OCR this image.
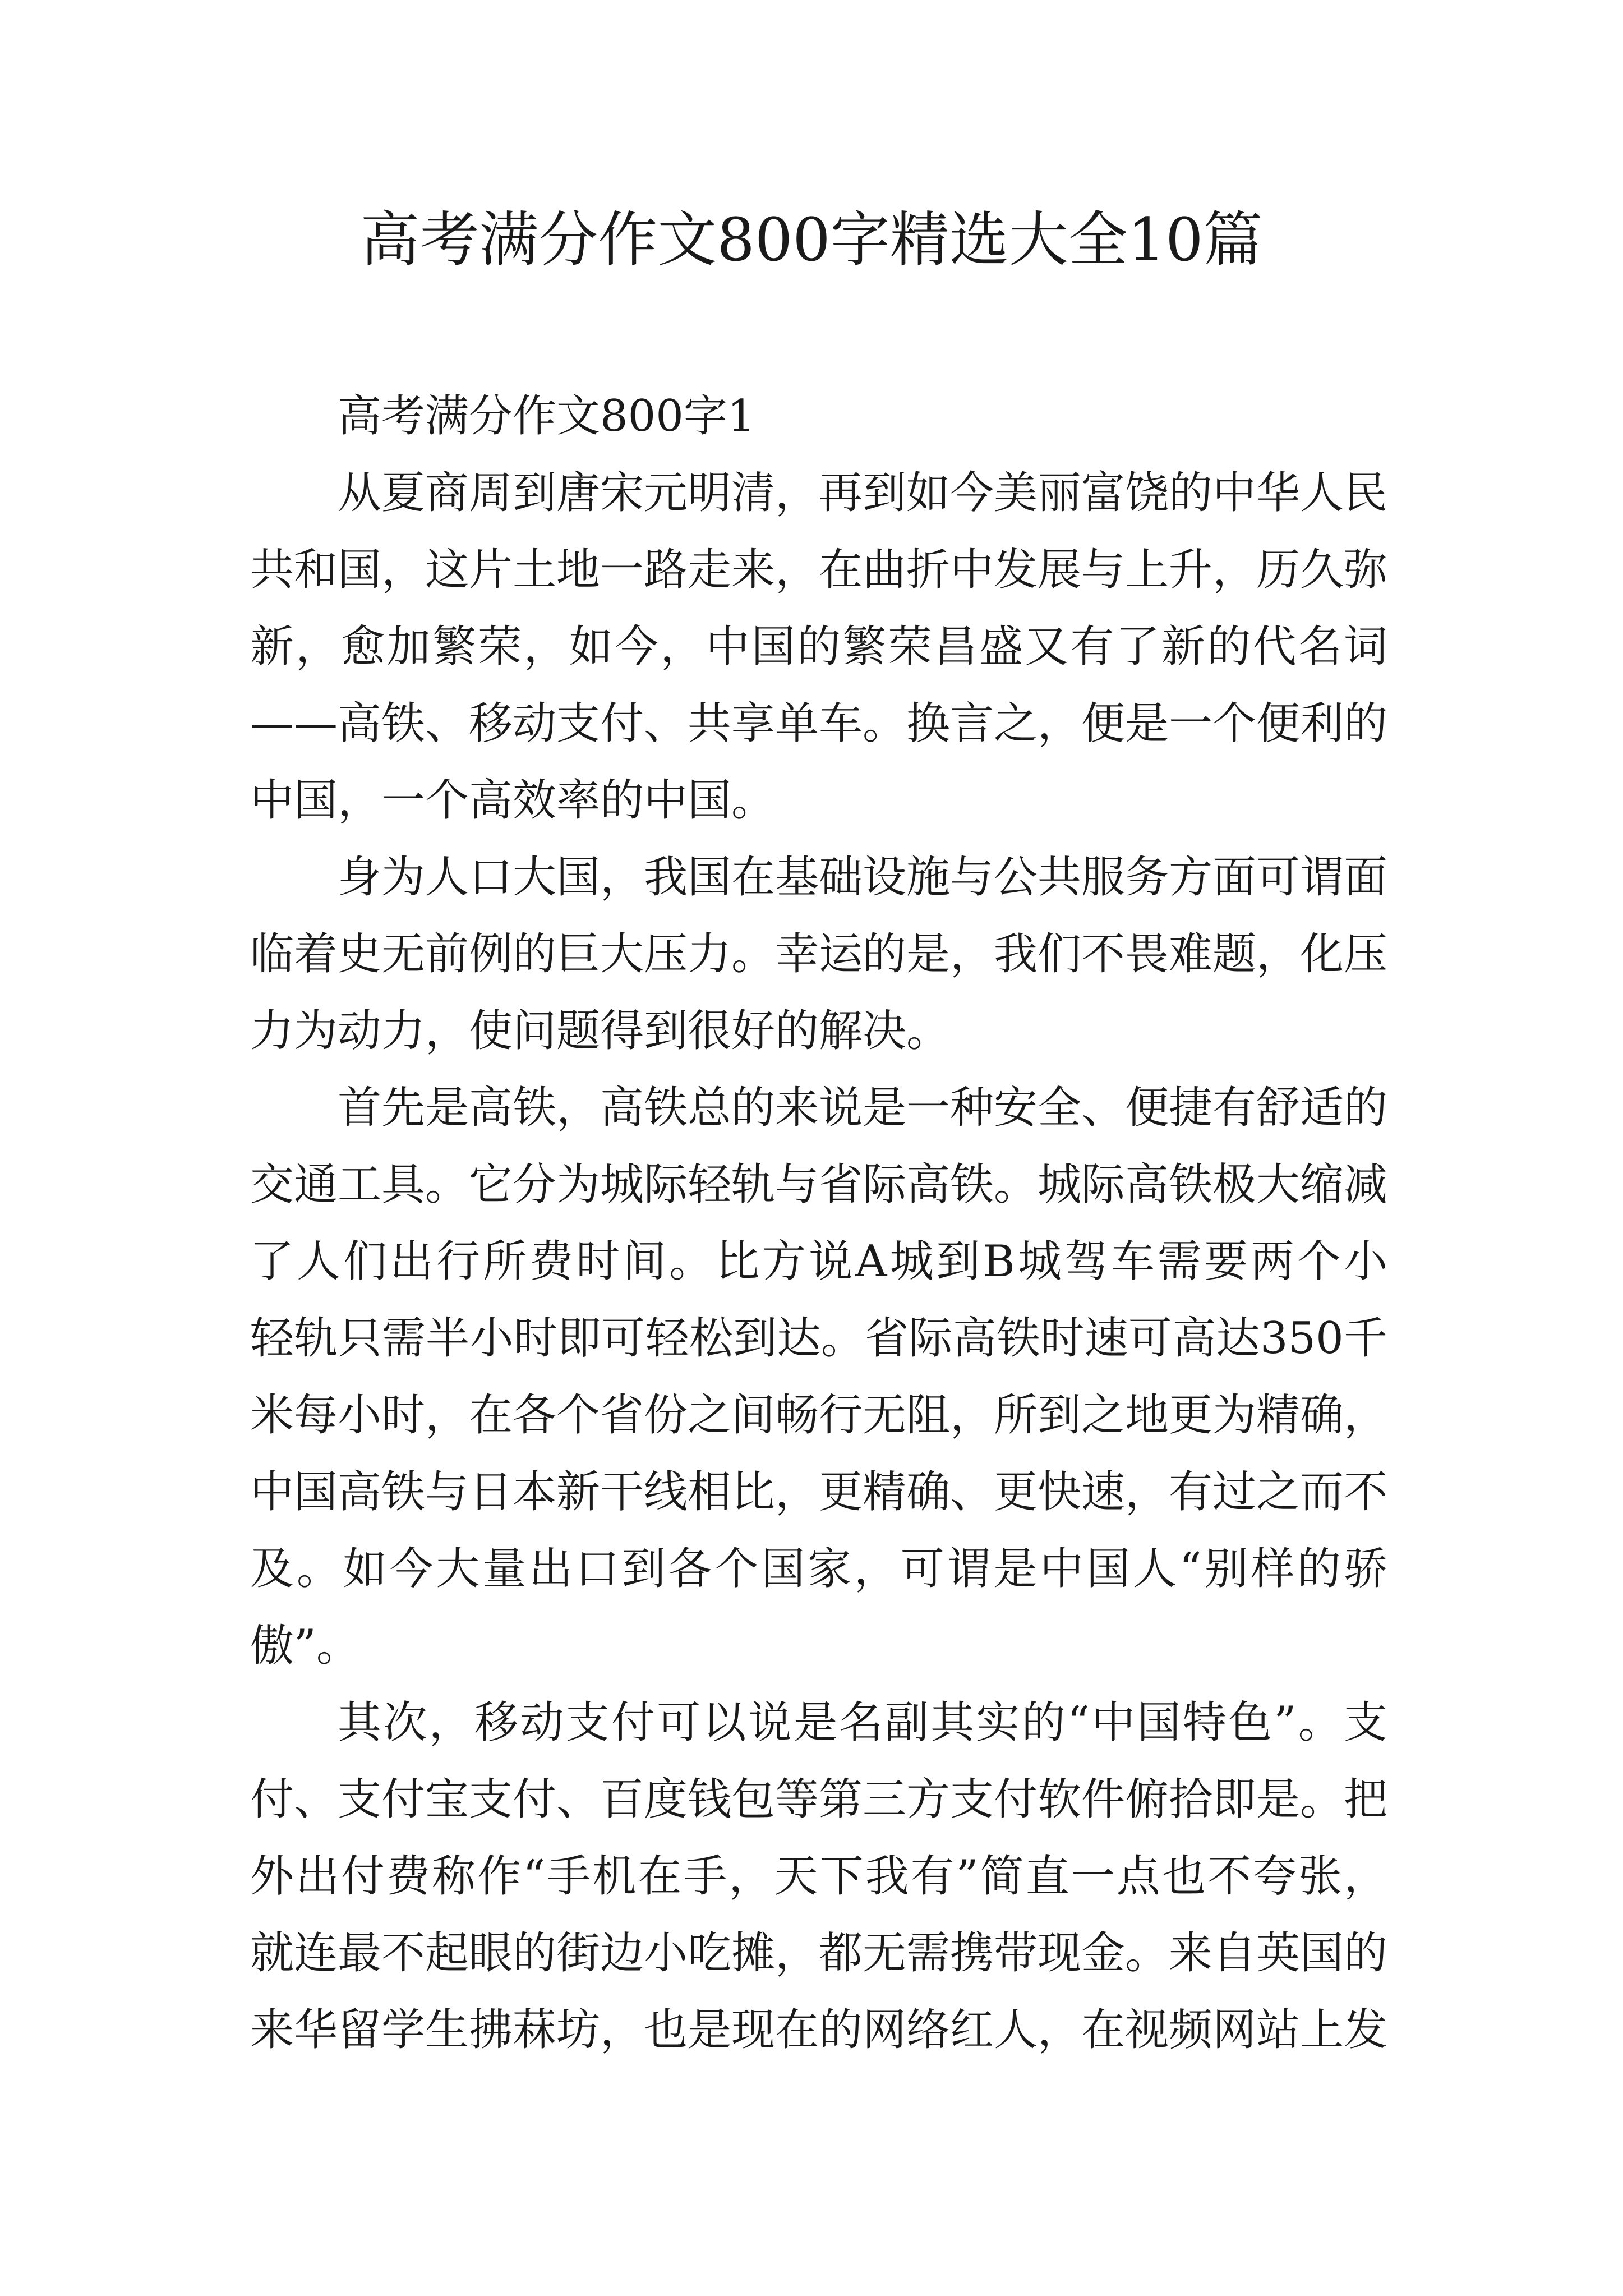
高考满分作文800字精选大全10篇
高考满分作文800字1
从夏商周到唐宋元明清，再到如今美丽富饶的中华人民
共和国，这片土地一路走来，在曲折中发展与上升，历久弥
新，愈加繁荣，如今，中国的繁荣昌盛又有了新的代名词
——高铁、移动支付、共享单车。换言之，便是一个便利的
中国，一个高效率的中国。
身为人口大国，我国在基础设施与公共服务方面可谓面
临着史无前例的巨大压力。幸运的是，我们不畏难题，化压
力为动力，使问题得到很好的解决。
首先是高铁，高铁总的来说是一种安全、便捷有舒适的
交通工具。它分为城际轻轨与省际高铁。城际高铁极大缩减
了人们出行所费时间。比方说A城到B城驾车需要两个小
轻轨只需半小时即可轻松到达。省际高铁时速可高达350千
米每小时，在各个省份之间畅行无阻，所到之地更为精确，
中国高铁与日本新干线相比，更精确、更快速，有过之而不
及。如今大量出口到各个国家，可谓是中国人“别样的骄
傲”。
其次，移动支付可以说是名副其实的“中国特色”。支
付、支付宝支付、百度钱包等第三方支付软件俯拾即是。把
外出付费称作“手机在手，天下我有”简直一点也不夸张，
就连最不起眼的街边小吃摊，都无需携带现金。来自英国的
来华留学生拂菻坊，也是现在的网络红人，在视频网站上发
